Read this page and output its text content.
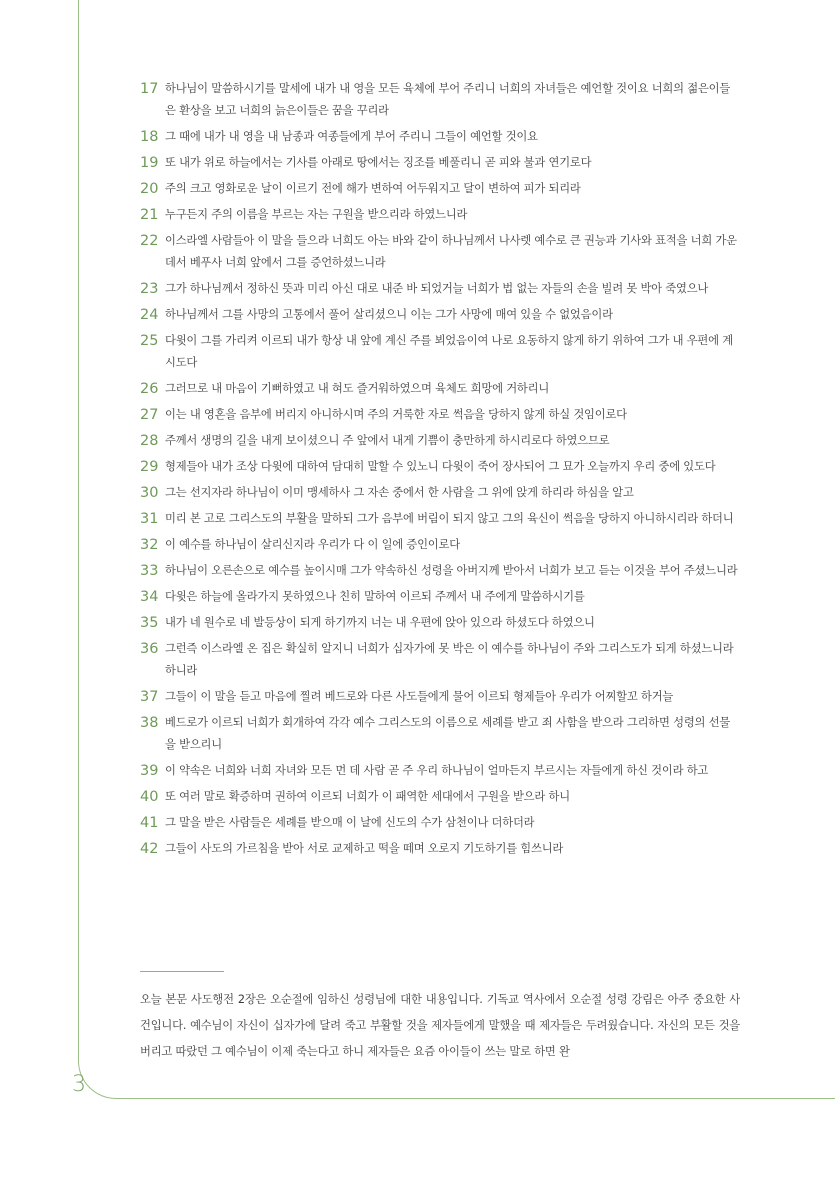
17 하나님이 말씀하시기를 말세에 내가 내 영을 모든 육체에 부어 주리니 너희의 자녀들은 예언할 것이요 너희의 젊은이들은 환상을 보고 너희의 늙은이들은 꿈을 꾸리라
18 그 때에 내가 내 영을 내 남종과 여종들에게 부어 주리니 그들이 예언할 것이요
19 또 내가 위로 하늘에서는 기사를 아래로 땅에서는 징조를 베풀리니 곧 피와 불과 연기로다
20 주의 크고 영화로운 날이 이르기 전에 해가 변하여 어두워지고 달이 변하여 피가 되리라
21 누구든지 주의 이름을 부르는 자는 구원을 받으리라 하였느니라
22 이스라엘 사람들아 이 말을 들으라 너희도 아는 바와 같이 하나님께서 나사렛 예수로 큰 권능과 기사와 표적을 너희 가운데서 베푸사 너희 앞에서 그를 증언하셨느니라
23 그가 하나님께서 정하신 뜻과 미리 아신 대로 내준 바 되었거늘 너희가 법 없는 자들의 손을 빌려 못 박아 죽였으나
24 하나님께서 그를 사망의 고통에서 풀어 살리셨으니 이는 그가 사망에 매여 있을 수 없었음이라
25 다윗이 그를 가리켜 이르되 내가 항상 내 앞에 계신 주를 뵈었음이여 나로 요동하지 않게 하기 위하여 그가 내 우편에 계시도다
26 그러므로 내 마음이 기뻐하였고 내 혀도 즐거워하였으며 육체도 희망에 거하리니
27 이는 내 영혼을 음부에 버리지 아니하시며 주의 거룩한 자로 썩음을 당하지 않게 하실 것임이로다
28 주께서 생명의 길을 내게 보이셨으니 주 앞에서 내게 기쁨이 충만하게 하시리로다 하였으므로
29 형제들아 내가 조상 다윗에 대하여 담대히 말할 수 있노니 다윗이 죽어 장사되어 그 묘가 오늘까지 우리 중에 있도다
30 그는 선지자라 하나님이 이미 맹세하사 그 자손 중에서 한 사람을 그 위에 앉게 하리라 하심을 알고
31 미리 본 고로 그리스도의 부활을 말하되 그가 음부에 버림이 되지 않고 그의 육신이 썩음을 당하지 아니하시리라 하더니
32 이 예수를 하나님이 살리신지라 우리가 다 이 일에 증인이로다
33 하나님이 오른손으로 예수를 높이시매 그가 약속하신 성령을 아버지께 받아서 너희가 보고 듣는 이것을 부어 주셨느니라
34 다윗은 하늘에 올라가지 못하였으나 친히 말하여 이르되 주께서 내 주에게 말씀하시기를
35 내가 네 원수로 네 발등상이 되게 하기까지 너는 내 우편에 앉아 있으라 하셨도다 하였으니
36 그런즉 이스라엘 온 집은 확실히 알지니 너희가 십자가에 못 박은 이 예수를 하나님이 주와 그리스도가 되게 하셨느니라 하니라
37 그들이 이 말을 듣고 마음에 찔려 베드로와 다른 사도들에게 물어 이르되 형제들아 우리가 어찌할꼬 하거늘
38 베드로가 이르되 너희가 회개하여 각각 예수 그리스도의 이름으로 세례를 받고 죄 사함을 받으라 그리하면 성령의 선물을 받으리니
39 이 약속은 너희와 너희 자녀와 모든 먼 데 사람 곧 주 우리 하나님이 얼마든지 부르시는 자들에게 하신 것이라 하고
40 또 여러 말로 확증하며 권하여 이르되 너희가 이 패역한 세대에서 구원을 받으라 하니
41 그 말을 받은 사람들은 세례를 받으매 이 날에 신도의 수가 삼천이나 더하더라
42 그들이 사도의 가르침을 받아 서로 교제하고 떡을 떼며 오로지 기도하기를 힘쓰니라
오늘 본문 사도행전 2장은 오순절에 임하신 성령님에 대한 내용입니다. 기독교 역사에서 오순절 성령 강림은 아주 중요한 사건입니다. 예수님이 자신이 십자가에 달려 죽고 부활할 것을 제자들에게 말했을 때 제자들은 두려웠습니다. 자신의 모든 것을 버리고 따랐던 그 예수님이 이제 죽는다고 하니 제자들은 요즘 아이들이 쓰는 말로 하면 완
3
